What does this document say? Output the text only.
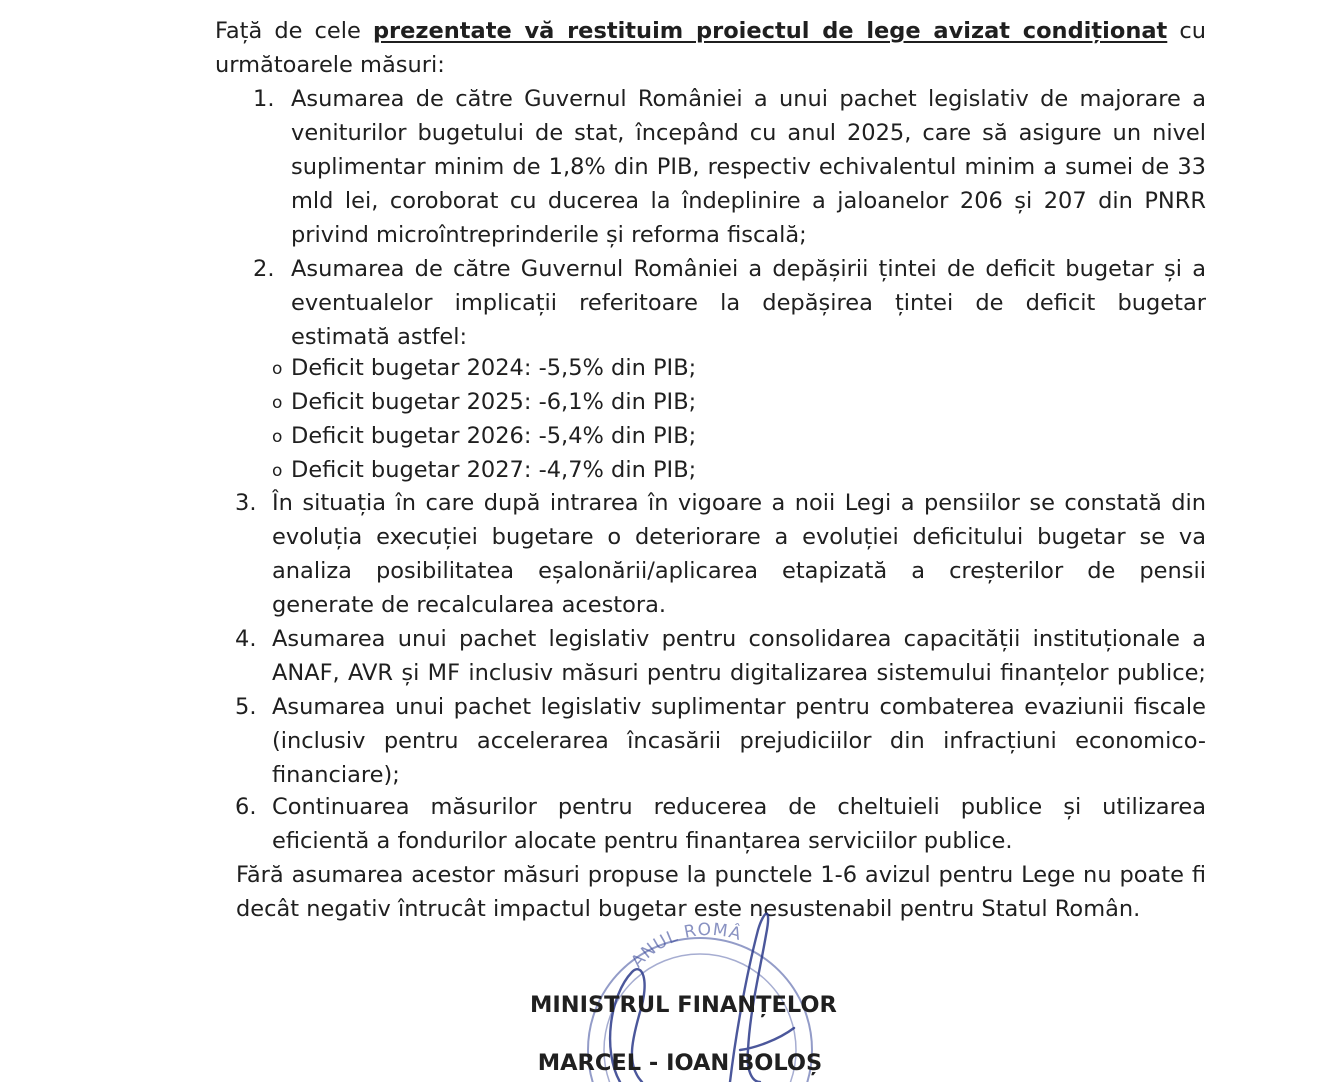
Față de cele prezentate vă restituim proiectul de lege avizat condiționat cu
următoarele măsuri:
1. Asumarea de către Guvernul României a unui pachet legislativ de majorare a
veniturilor bugetului de stat, începând cu anul 2025, care să asigure un nivel
suplimentar minim de 1,8% din PIB, respectiv echivalentul minim a sumei de 33
mld lei, coroborat cu ducerea la îndeplinire a jaloanelor 206 și 207 din PNRR
privind microîntreprinderile și reforma fiscală;
2. Asumarea de către Guvernul României a depășirii țintei de deficit bugetar și a
eventualelor implicații referitoare la depășirea țintei de deficit bugetar
estimată astfel:
o Deficit bugetar 2024: -5,5% din PIB;
o Deficit bugetar 2025: -6,1% din PIB;
o Deficit bugetar 2026: -5,4% din PIB;
o Deficit bugetar 2027: -4,7% din PIB;
3. În situația în care după intrarea în vigoare a noii Legi a pensiilor se constată din
evoluția execuției bugetare o deteriorare a evoluției deficitului bugetar se va
analiza posibilitatea eșalonării/aplicarea etapizată a creșterilor de pensii
generate de recalcularea acestora.
4. Asumarea unui pachet legislativ pentru consolidarea capacității instituționale a
ANAF, AVR și MF inclusiv măsuri pentru digitalizarea sistemului finanțelor publice;
5. Asumarea unui pachet legislativ suplimentar pentru combaterea evaziunii fiscale
(inclusiv pentru accelerarea încasării prejudiciilor din infracțiuni economico-
financiare);
6. Continuarea măsurilor pentru reducerea de cheltuieli publice și utilizarea
eficientă a fondurilor alocate pentru finanțarea serviciilor publice.
Fără asumarea acestor măsuri propuse la punctele 1-6 avizul pentru Lege nu poate fi
decât negativ întrucât impactul bugetar este nesustenabil pentru Statul Român.
ANUL ROMÂ
MINISTRUL FINANȚELOR
MARCEL - IOAN BOLOȘ
